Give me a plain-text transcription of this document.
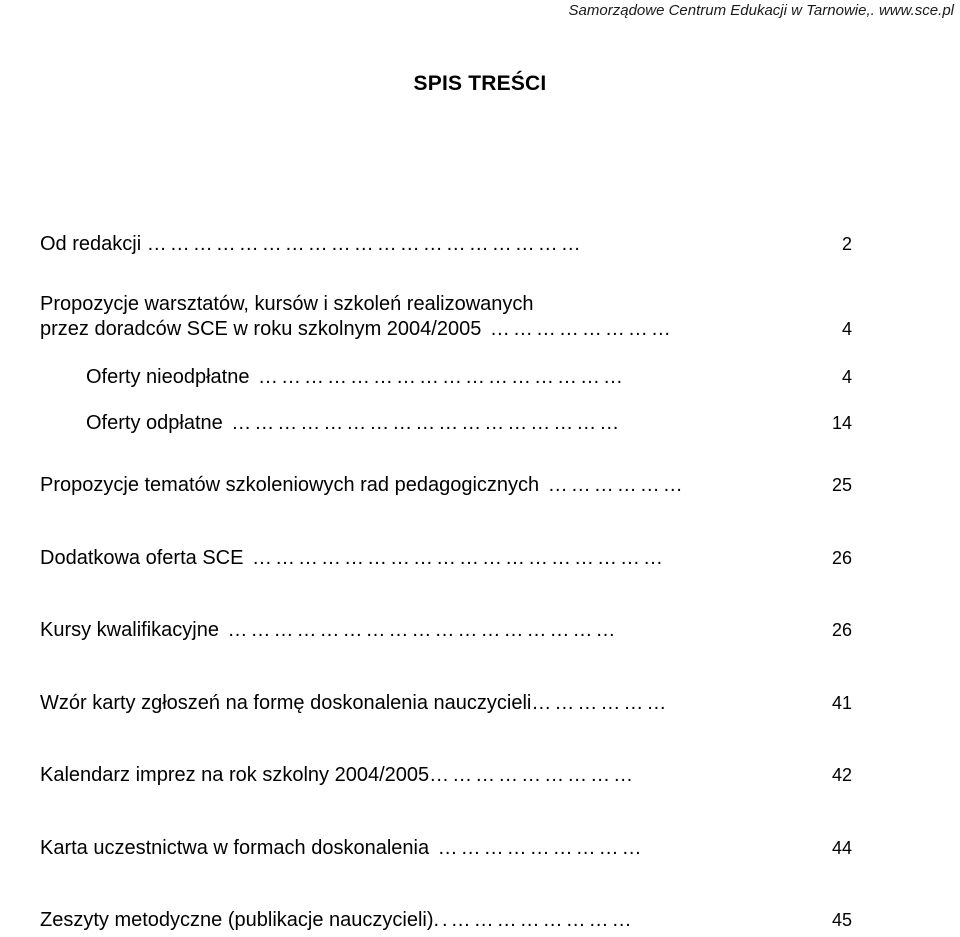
Samorządowe Centrum Edukacji w Tarnowie,. www.sce.pl
SPIS TREŚCI
Od redakcji …………………………………………………	2
Propozycje warsztatów, kursów i szkoleń realizowanych
przez doradców SCE w roku szkolnym 2004/2005 ……………………	4
Oferty nieodpłatne …………………………………………	4
Oferty odpłatne ……………………………………………	14
Propozycje tematów szkoleniowych rad pedagogicznych ………………	25
Dodatkowa oferta SCE ………………………………………………	26
Kursy kwalifikacyjne ……………………………………………	26
Wzór karty zgłoszeń na formę doskonalenia nauczycieli………………	41
Kalendarz imprez na rok szkolny 2004/2005………………………	42
Karta uczestnictwa w formach doskonalenia ………………………	44
Zeszyty metodyczne (publikacje nauczycieli)..……………………	45
